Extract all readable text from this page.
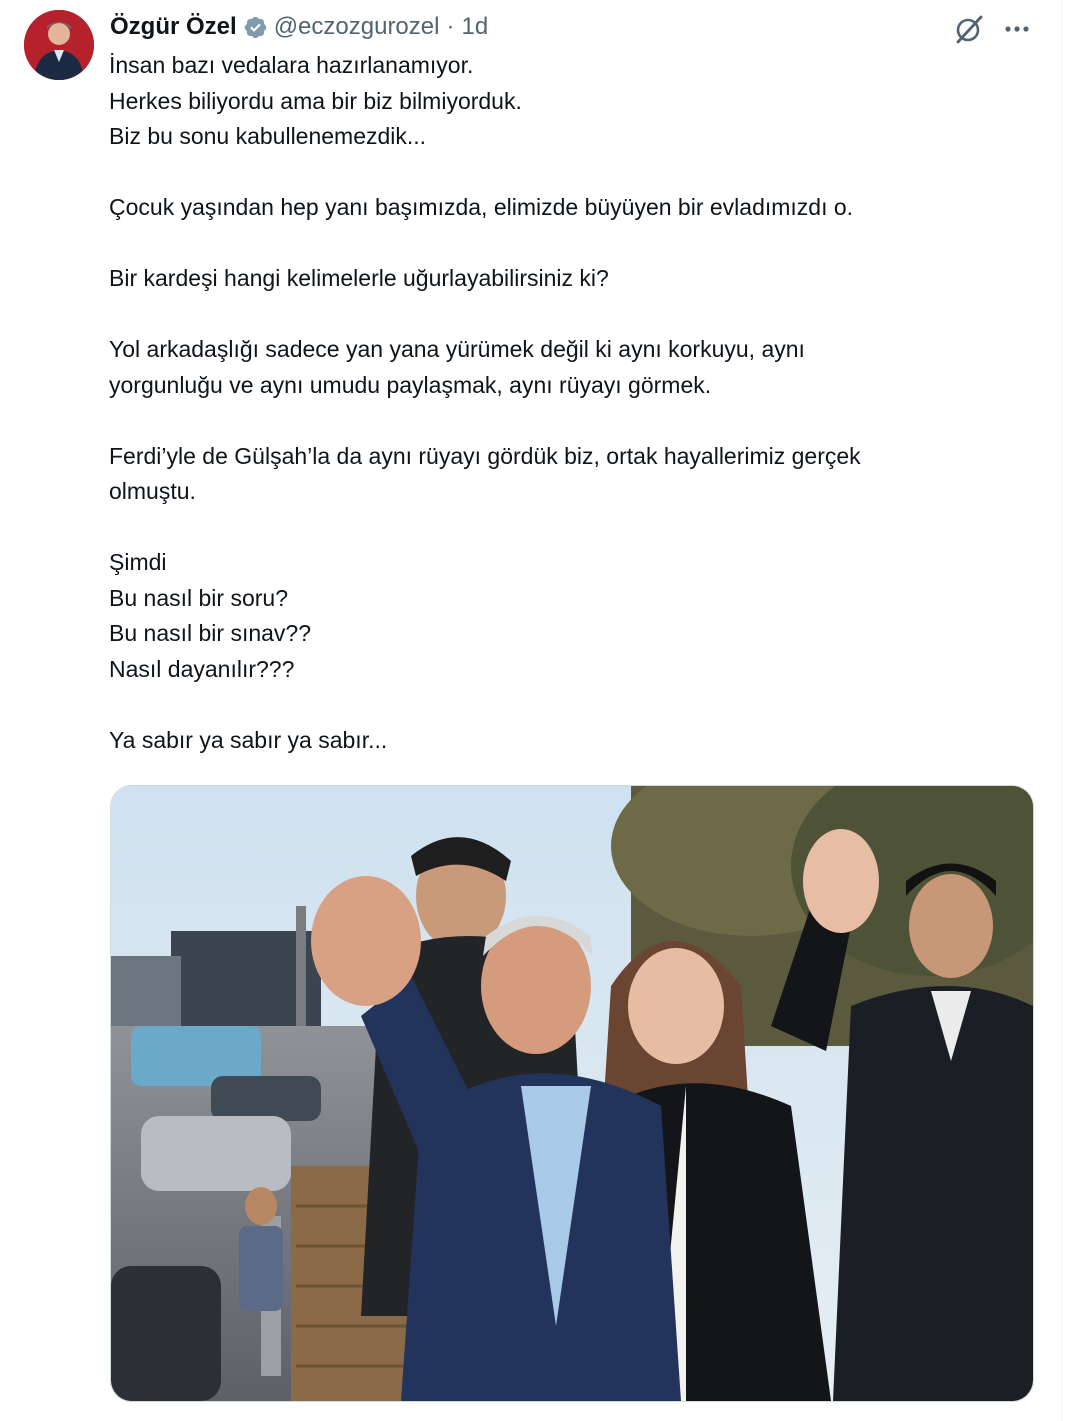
Özgür Özel @eczozgurozel · 1d
İnsan bazı vedalara hazırlanamıyor.
Herkes biliyordu ama bir biz bilmiyorduk.
Biz bu sonu kabullenemezdik...
Çocuk yaşından hep yanı başımızda, elimizde büyüyen bir evladımızdı o.
Bir kardeşi hangi kelimelerle uğurlayabilirsiniz ki?
Yol arkadaşlığı sadece yan yana yürümek değil ki aynı korkuyu, aynı
yorgunluğu ve aynı umudu paylaşmak, aynı rüyayı görmek.
Ferdi’yle de Gülşah’la da aynı rüyayı gördük biz, ortak hayallerimiz gerçek
olmuştu.
Şimdi
Bu nasıl bir soru?
Bu nasıl bir sınav??
Nasıl dayanılır???
Ya sabır ya sabır ya sabır...
